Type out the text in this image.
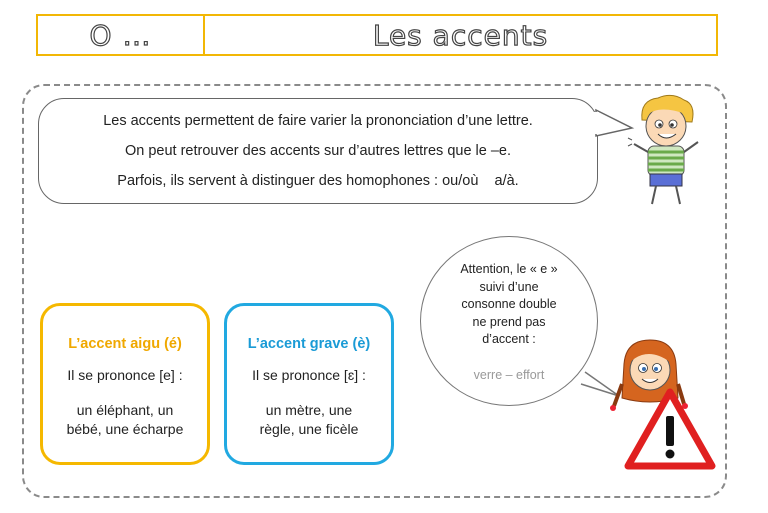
O …	Les accents
Les accents permettent de faire varier la prononciation d’une lettre.
On peut retrouver des accents sur d’autres lettres que le –e.
Parfois, ils servent à distinguer des homophones : ou/où    a/à.
L’accent aigu (é)
Il se prononce [e] :
un éléphant, un
bébé, une écharpe
L’accent grave (è)
Il se prononce [ɛ] :
un mètre, une
règle, une ficèle
Attention, le « e »
suivi d’une
consonne double
ne prend pas
d’accent :
verre – effort
